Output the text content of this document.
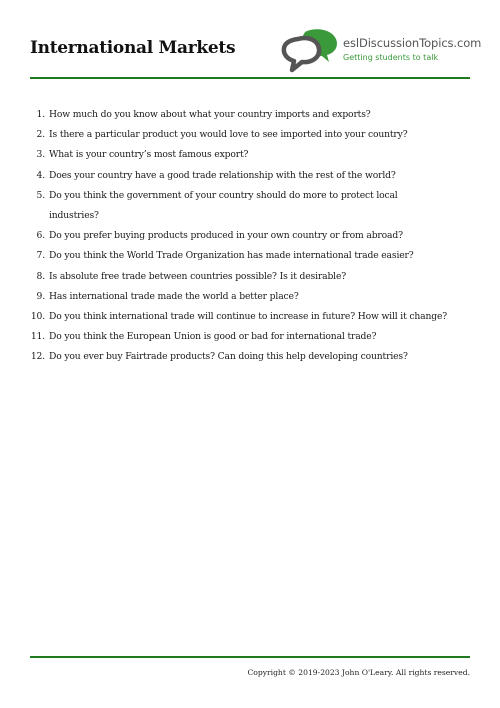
International Markets	eslDiscussionTopics.com
Getting students to talk
1. How much do you know about what your country imports and exports?
2. Is there a particular product you would love to see imported into your country?
3. What is your country’s most famous export?
4. Does your country have a good trade relationship with the rest of the world?
5. Do you think the government of your country should do more to protect local industries?
6. Do you prefer buying products produced in your own country or from abroad?
7. Do you think the World Trade Organization has made international trade easier?
8. Is absolute free trade between countries possible? Is it desirable?
9. Has international trade made the world a better place?
10. Do you think international trade will continue to increase in future? How will it change?
11. Do you think the European Union is good or bad for international trade?
12. Do you ever buy Fairtrade products? Can doing this help developing countries?
Copyright © 2019-2023 John O'Leary. All rights reserved.
